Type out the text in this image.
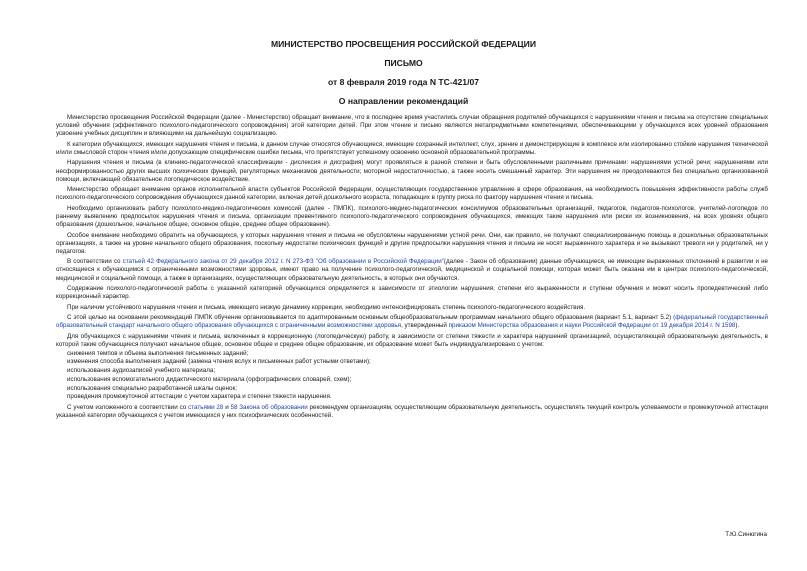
МИНИСТЕРСТВО ПРОСВЕЩЕНИЯ РОССИЙСКОЙ ФЕДЕРАЦИИ
ПИСЬМО
от 8 февраля 2019 года N ТС-421/07
О направлении рекомендаций

Министерство просвещения Российской Федерации (далее - Министерство) обращает внимание, что в последнее время участились случаи обращения родителей обучающихся с нарушениями чтения и письма на отсутствие специальных условий обучения (эффективного психолого-педагогического сопровождения) этой категории детей. При этом чтение и письмо являются метапредметными компетенциями, обеспечивающими у обучающихся всех уровней образования усвоение учебных дисциплин и влияющими на дальнейшую социализацию.

К категории обучающихся, имеющих нарушения чтения и письма, в данном случае относятся обучающиеся, имеющие сохранный интеллект, слух, зрение и демонстрирующие в комплексе или изолированно стойкие нарушения технической и/или смысловой сторон чтения и/или допускающие специфические ошибки письма, что препятствует успешному освоению основной образовательной программы.

Нарушения чтения и письма (в клинико-педагогической классификации - дислексия и дисграфия) могут проявляться в разной степени и быть обусловленными различными причинами: нарушениями устной речи; нарушениями или несформированностью других высших психических функций, регуляторных механизмов деятельности; моторной недостаточностью, а также носить смешанный характер. Эти нарушения не преодолеваются без специально организованной помощи, включающей обязательное логопедическое воздействие.

Министерство обращает внимание органов исполнительной власти субъектов Российской Федерации, осуществляющих государственное управление в сфере образования, на необходимость повышения эффективности работы служб психолого-педагогического сопровождения обучающихся данной категории, включая детей дошкольного возраста, попадающих в группу риска по фактору нарушения чтения и письма.

Необходимо организовать работу психолого-медико-педагогических комиссий (далее - ПМПК), психолого-медико-педагогических консилиумов образовательных организаций, педагогов, педагогов-психологов, учителей-логопедов по раннему выявлению предпосылок нарушения чтения и письма, организации превентивного психолого-педагогического сопровождения обучающихся, имеющих такие нарушения или риски их возникновения, на всех уровнях общего образования (дошкольное, начальное общее, основное общее, среднее общее образование).

Особое внимание необходимо обратить на обучающихся, у которых нарушения чтения и письма не обусловлены нарушениями устной речи. Они, как правило, не получают специализированную помощь в дошкольных образовательных организациях, а также на уровне начального общего образования, поскольку недостатки психических функций и другие предпосылки нарушения чтения и письма не носят выраженного характера и не вызывают тревоги ни у родителей, ни у педагогов.

В соответствии со статьей 42 Федерального закона от 29 декабря 2012 г. N 273-ФЗ "Об образовании в Российской Федерации"(далее - Закон об образовании) данные обучающиеся, не имеющие выраженных отклонений в развитии и не относящиеся к обучающимся с ограниченными возможностями здоровья, имеют право на получение психолого-педагогической, медицинской и социальной помощи, которая может быть оказана им в центрах психолого-педагогической, медицинской и социальной помощи, а также в организациях, осуществляющих образовательную деятельность, в которых они обучаются.

Содержание психолого-педагогической работы с указанной категорией обучающихся определяется в зависимости от этиологии нарушения, степени его выраженности и ступени обучения и может носить пропедевтический либо коррекционный характер.

При наличии устойчивого нарушения чтения и письма, имеющего низкую динамику коррекции, необходимо интенсифицировать степень психолого-педагогического воздействия.

С этой целью на основании рекомендаций ПМПК обучение организовывается по адаптированным основным общеобразовательным программам начального общего образования (вариант 5.1, вариант 5.2) (федеральный государственный образовательный стандарт начального общего образования обучающихся с ограниченными возможностями здоровья, утвержденный приказом Министерства образования и науки Российской Федерации от 19 декабря 2014 г. N 1598).

Для обучающихся с нарушениями чтения и письма, включенных в коррекционную (логопедическую) работу, в зависимости от степени тяжести и характера нарушений организацией, осуществляющей образовательную деятельность, в которой такие обучающиеся получают начальное общее, основное общее и среднее общее образование, их образование может быть индивидуализировано с учетом:

снижения темпов и объема выполнения письменных заданий;

изменения способа выполнения заданий (замена чтения вслух и письменных работ устными ответами);

использования аудиозаписей учебного материала;

использования вспомогательного дидактического материала (орфографических словарей, схем);

использования специально разработанной шкалы оценок;

проведения промежуточной аттестации с учетом характера и степени тяжести нарушения.

С учетом изложенного в соответствии со статьями 28 и 58 Закона об образовании рекомендуем организациям, осуществляющим образовательную деятельность, осуществлять текущий контроль успеваемости и промежуточной аттестации указанной категории обучающихся с учетом имеющихся у них психофизических особенностей.

Т.Ю.Синюгина
